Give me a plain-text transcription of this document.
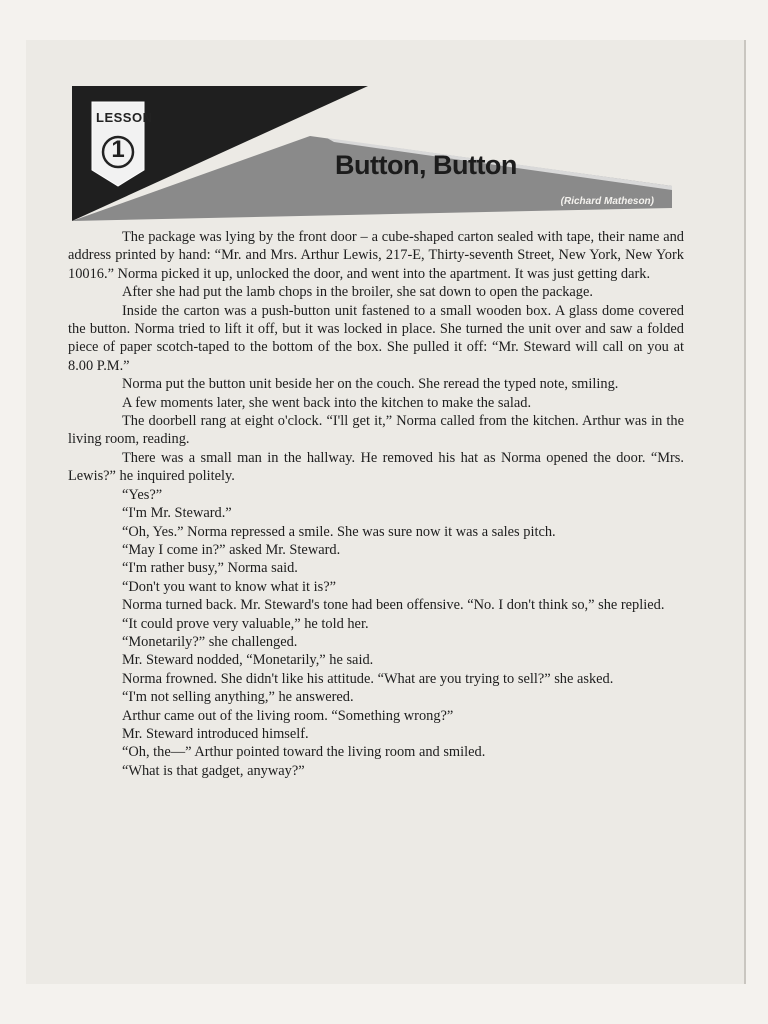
LESSON
1
Button, Button
(Richard Matheson)

The package was lying by the front door – a cube-shaped carton sealed with tape, their name and address printed by hand: “Mr. and Mrs. Arthur Lewis, 217-E, Thirty-seventh Street, New York, New York 10016.” Norma picked it up, unlocked the door, and went into the apartment. It was just getting dark.

After she had put the lamb chops in the broiler, she sat down to open the package.

Inside the carton was a push-button unit fastened to a small wooden box. A glass dome covered the button. Norma tried to lift it off, but it was locked in place. She turned the unit over and saw a folded piece of paper scotch-taped to the bottom of the box. She pulled it off: “Mr. Steward will call on you at 8.00 P.M.”

Norma put the button unit beside her on the couch. She reread the typed note, smiling.

A few moments later, she went back into the kitchen to make the salad.

The doorbell rang at eight o'clock. “I'll get it,” Norma called from the kitchen. Arthur was in the living room, reading.

There was a small man in the hallway. He removed his hat as Norma opened the door. “Mrs. Lewis?” he inquired politely.

“Yes?”

“I'm Mr. Steward.”

“Oh, Yes.” Norma repressed a smile. She was sure now it was a sales pitch.

“May I come in?” asked Mr. Steward.

“I'm rather busy,” Norma said.

“Don't you want to know what it is?”

Norma turned back. Mr. Steward's tone had been offensive. “No. I don't think so,” she replied.

“It could prove very valuable,” he told her.

“Monetarily?” she challenged.

Mr. Steward nodded, “Monetarily,” he said.

Norma frowned. She didn't like his attitude. “What are you trying to sell?” she asked.

“I'm not selling anything,” he answered.

Arthur came out of the living room. “Something wrong?”

Mr. Steward introduced himself.

“Oh, the—” Arthur pointed toward the living room and smiled.

“What is that gadget, anyway?”
